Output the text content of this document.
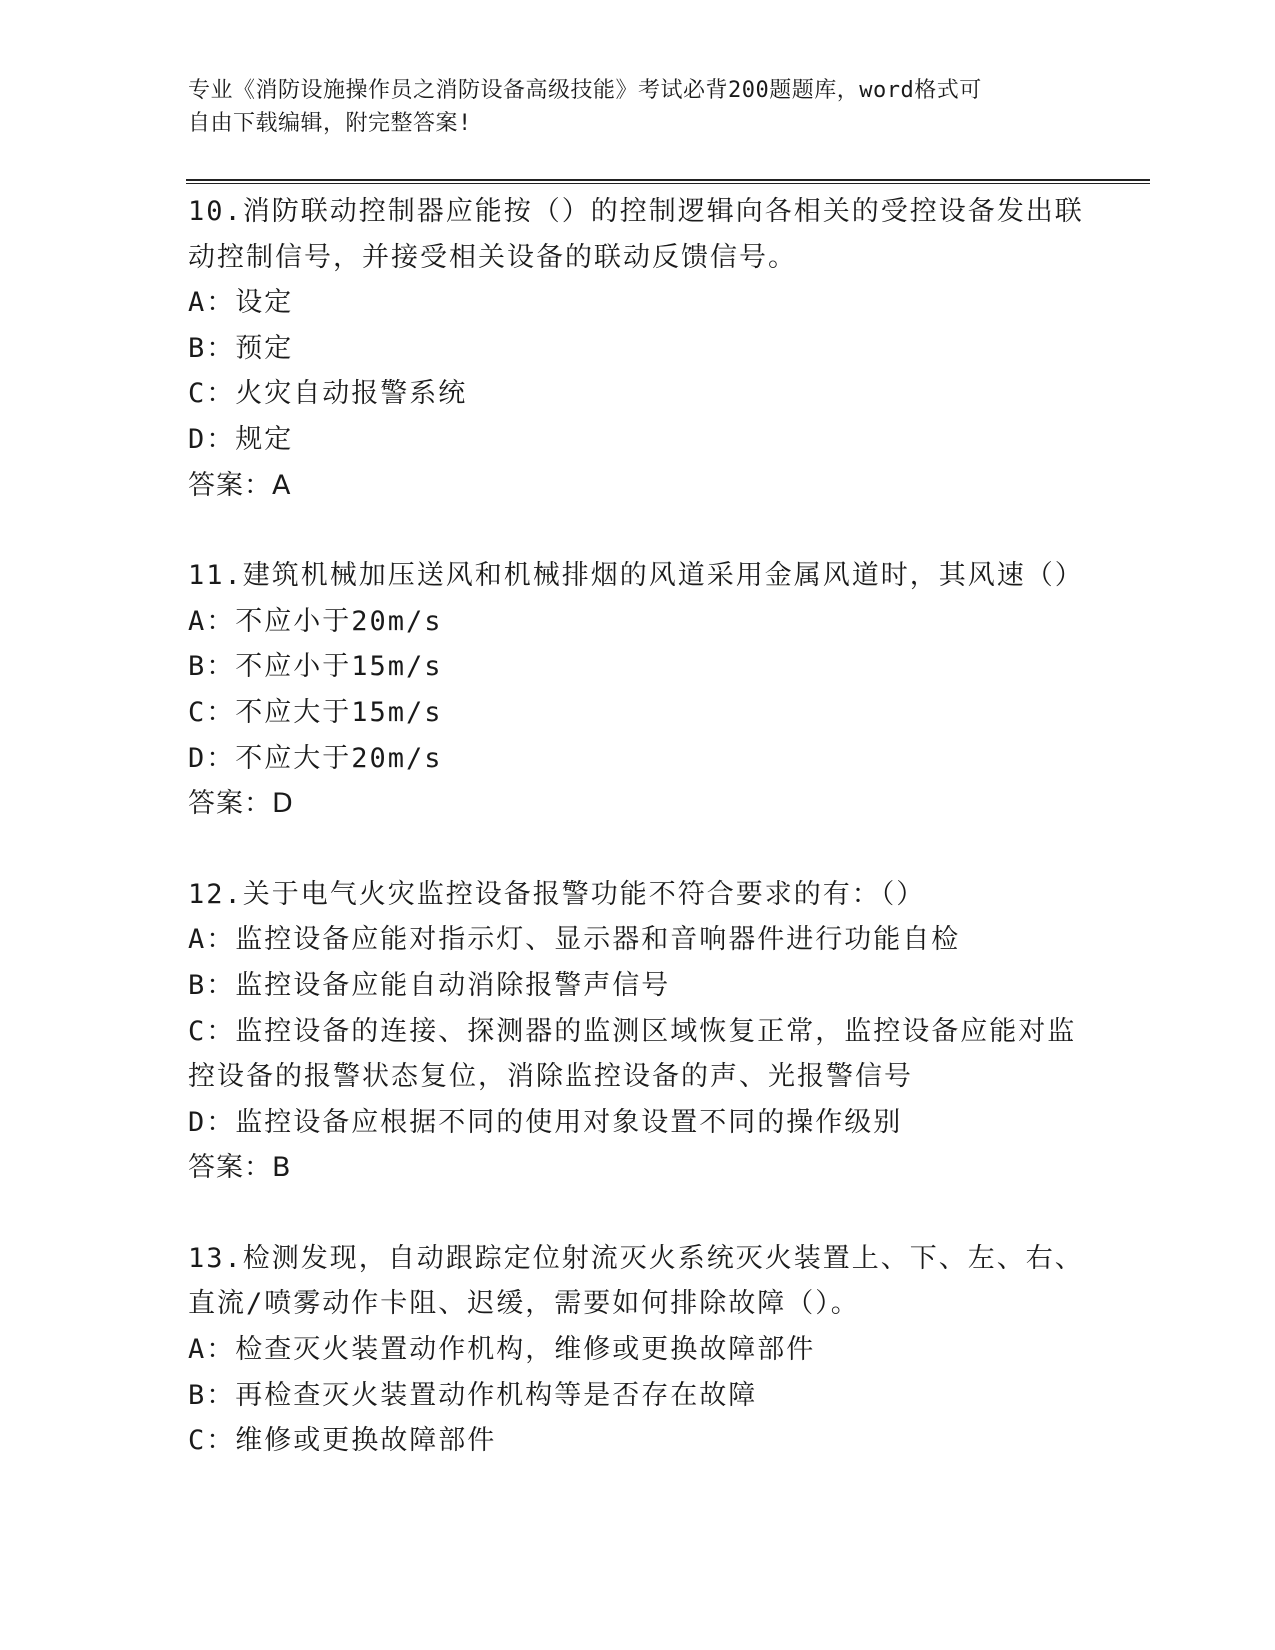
专业《消防设施操作员之消防设备高级技能》考试必背200题题库，word格式可
自由下载编辑，附完整答案!
10.消防联动控制器应能按（）的控制逻辑向各相关的受控设备发出联
动控制信号，并接受相关设备的联动反馈信号。
A：设定
B：预定
C：火灾自动报警系统
D：规定
答案：A
11.建筑机械加压送风和机械排烟的风道采用金属风道时，其风速（）
A：不应小于20m/s
B：不应小于15m/s
C：不应大于15m/s
D：不应大于20m/s
答案：D
12.关于电气火灾监控设备报警功能不符合要求的有：（）
A：监控设备应能对指示灯、显示器和音响器件进行功能自检
B：监控设备应能自动消除报警声信号
C：监控设备的连接、探测器的监测区域恢复正常，监控设备应能对监
控设备的报警状态复位，消除监控设备的声、光报警信号
D：监控设备应根据不同的使用对象设置不同的操作级别
答案：B
13.检测发现，自动跟踪定位射流灭火系统灭火装置上、下、左、右、
直流/喷雾动作卡阻、迟缓，需要如何排除故障（）。
A：检查灭火装置动作机构，维修或更换故障部件
B：再检查灭火装置动作机构等是否存在故障
C：维修或更换故障部件
